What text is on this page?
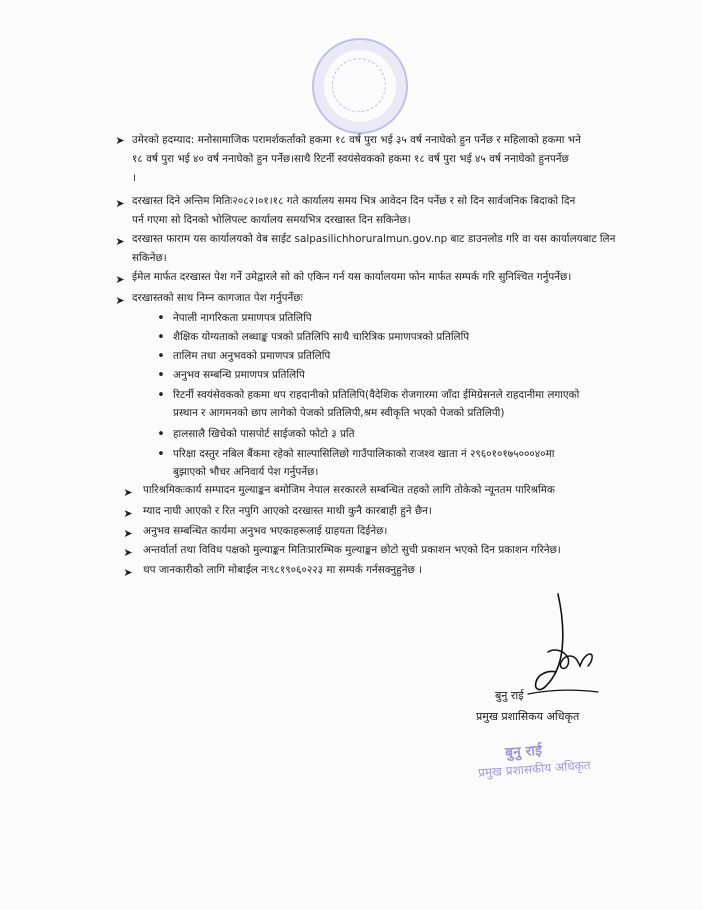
➤ उमेरको हदम्याद: मनोसामाजिक परामर्शकर्ताको हकमा १८ वर्ष पुरा भई ३५ वर्ष ननाघेको हुन पर्नेछ र महिलाको हकमा भने
१८ वर्ष पुरा भई ४० वर्ष ननाघेको हुन पर्नेछ।साथै रिटर्नी स्वयंसेवकको हकमा १८ वर्ष पुरा भई ४५ वर्ष ननाघेको हुनपर्नेछ
।
➤ दरखास्त दिने अन्तिम मितिः२०८२।०१।१८ गते कार्यालय समय भित्र आवेदन दिन पर्नेछ र सो दिन सार्वजनिक बिदाको दिन
पर्न गएमा सो दिनको भोलिपल्ट कार्यालय समयभित्र दरखास्त दिन सकिनेछ।
➤ दरखास्त फाराम यस कार्यालयको वेब साईट salpasilichhoruralmun.gov.np बाट डाउनलोड गरि वा यस कार्यालयबाट लिन
सकिनेछ।
➤ ईमेल मार्फत दरखास्त पेश गर्ने उमेद्वारले सो को एकिन गर्न यस कार्यालयमा फोन मार्फत सम्पर्क गरि सुनिश्चित गर्नुपर्नेछ।
➤ दरखास्तको साथ निम्न कागजात पेश गर्नुपर्नेछः
• नेपाली नागरिकता प्रमाणपत्र प्रतिलिपि
• शैक्षिक योग्यताको लब्धाङ्क पत्रको प्रतिलिपि साथै चारित्रिक प्रमाणपत्रको प्रतिलिपि
• तालिम तथा अनुभवको प्रमाणपत्र प्रतिलिपि
• अनुभव सम्बन्धि प्रमाणपत्र प्रतिलिपि
• रिटर्नी स्वयंसेवकको हकमा थप राहदानीको प्रतिलिपि(वैदेशिक रोजगारमा जाँदा ईमिग्रेसनले राहदानीमा लगाएको
प्रस्थान र आगमनको छाप लागेको पेजको प्रतिलिपी,श्रम स्वीकृति भएको पेजको प्रतिलिपी)
• हालसालै खिचेको पासपोर्ट साईजको फोटो ३ प्रति
• परिक्षा दस्तुर नबिल बैंकमा रहेको साल्पासिलिछो गाउँपालिकाको राजश्व खाता नं २९६०१०१७५०००४०मा
बुझाएको भौचर अनिवार्य पेश गर्नुपर्नेछ।
➤ पारिश्रमिकःकार्य सम्पादन मुल्याङ्कन बमोजिम नेपाल सरकारले सम्बन्धित तहको लागि तोकेको न्यूनतम पारिश्रमिक
➤ म्याद नाघी आएको र रित नपुगि आएको दरखास्त माथी कुनै कारबाही हुने छैन।
➤ अनुभव सम्बन्धित कार्यमा अनुभव भएकाहरूलाई ग्राहयता दिईनेछ।
➤ अन्तर्वार्ता तथा विविध पक्षको मुल्याङ्कन मितिःप्रारम्भिक मुल्याङ्कन छोटो सुची प्रकाशन भएको दिन प्रकाशन गरिनेछ।
➤ थप जानकारीको लागि मोबाईल नः९८१९०६०२२३ मा सम्पर्क गर्नसक्नुहुनेछ ।
बुनु राई
प्रमुख प्रशासिकय अधिकृत
बुनु राई
प्रमुख प्रशासकीय अधिकृत
